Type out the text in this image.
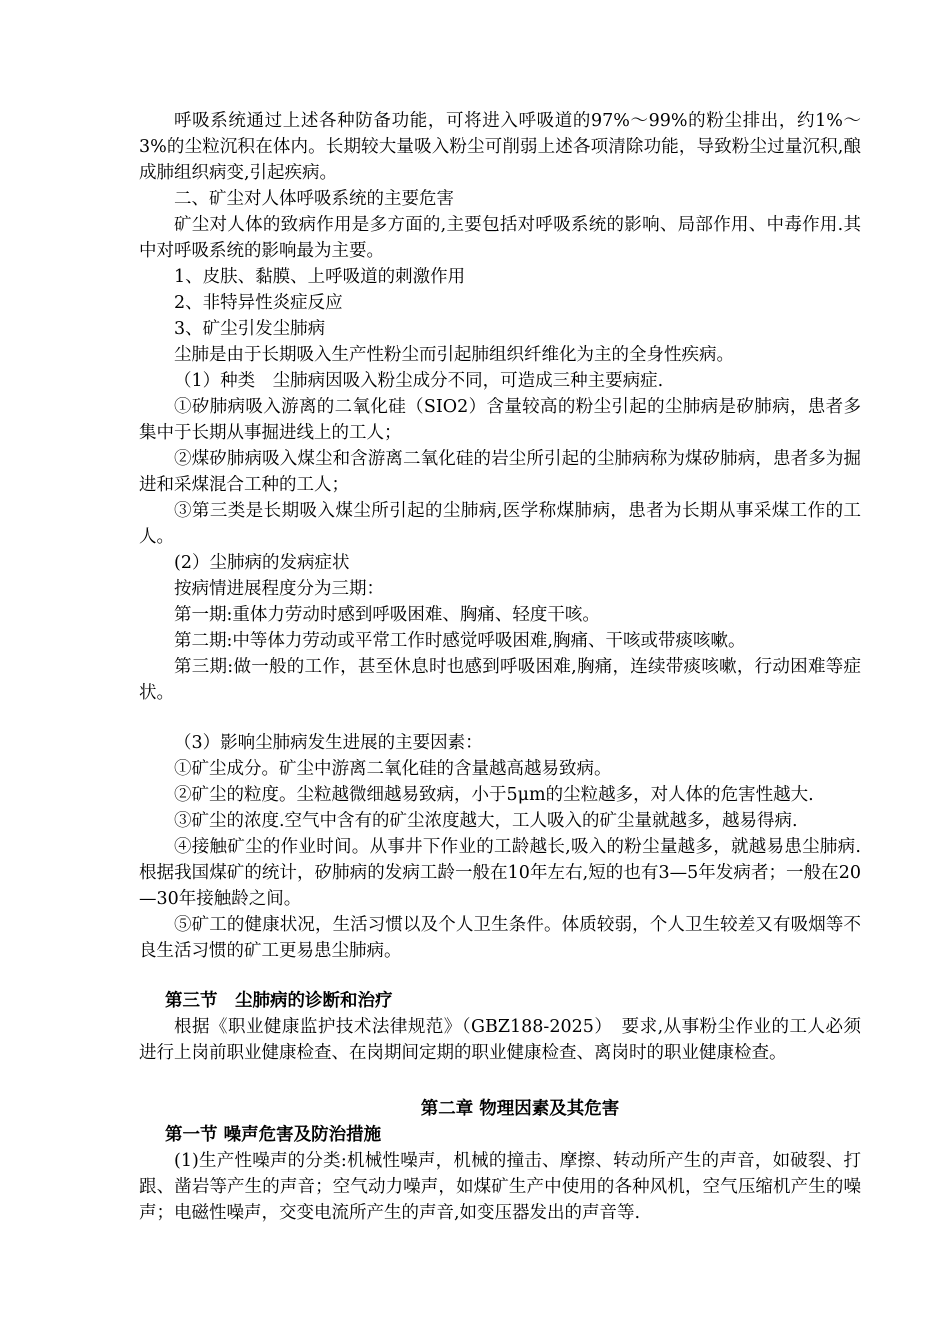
呼吸系统通过上述各种防备功能，可将进入呼吸道的97%～99%的粉尘排出，约1%～3%的尘粒沉积在体内。长期较大量吸入粉尘可削弱上述各项清除功能，导致粉尘过量沉积,酿成肺组织病变,引起疾病。

二、矿尘对人体呼吸系统的主要危害

矿尘对人体的致病作用是多方面的,主要包括对呼吸系统的影响、局部作用、中毒作用.其中对呼吸系统的影响最为主要。

1、皮肤、黏膜、上呼吸道的刺激作用

2、非特异性炎症反应

3、矿尘引发尘肺病

尘肺是由于长期吸入生产性粉尘而引起肺组织纤维化为主的全身性疾病。

（1）种类　尘肺病因吸入粉尘成分不同，可造成三种主要病症.

①矽肺病吸入游离的二氧化硅（SIO2）含量较高的粉尘引起的尘肺病是矽肺病，患者多集中于长期从事掘进线上的工人；

②煤矽肺病吸入煤尘和含游离二氧化硅的岩尘所引起的尘肺病称为煤矽肺病，患者多为掘进和采煤混合工种的工人；

③第三类是长期吸入煤尘所引起的尘肺病,医学称煤肺病，患者为长期从事采煤工作的工人。

(2）尘肺病的发病症状

按病情进展程度分为三期：

第一期:重体力劳动时感到呼吸困难、胸痛、轻度干咳。

第二期:中等体力劳动或平常工作时感觉呼吸困难,胸痛、干咳或带痰咳嗽。

第三期:做一般的工作，甚至休息时也感到呼吸困难,胸痛，连续带痰咳嗽，行动困难等症状。

（3）影响尘肺病发生进展的主要因素：

①矿尘成分。矿尘中游离二氧化硅的含量越高越易致病。

②矿尘的粒度。尘粒越微细越易致病，小于5μm的尘粒越多，对人体的危害性越大.

③矿尘的浓度.空气中含有的矿尘浓度越大，工人吸入的矿尘量就越多，越易得病.

④接触矿尘的作业时间。从事井下作业的工龄越长,吸入的粉尘量越多，就越易患尘肺病.根据我国煤矿的统计，矽肺病的发病工龄一般在10年左右,短的也有3—5年发病者；一般在20—30年接触龄之间。

⑤矿工的健康状况，生活习惯以及个人卫生条件。体质较弱，个人卫生较差又有吸烟等不良生活习惯的矿工更易患尘肺病。

第三节　尘肺病的诊断和治疗

根据《职业健康监护技术法律规范》（GBZ188-2025）　要求,从事粉尘作业的工人必须进行上岗前职业健康检查、在岗期间定期的职业健康检查、离岗时的职业健康检查。

第二章 物理因素及其危害

第一节 噪声危害及防治措施

(1)生产性噪声的分类:机械性噪声，机械的撞击、摩擦、转动所产生的声音，如破裂、打跟、凿岩等产生的声音；空气动力噪声，如煤矿生产中使用的各种风机，空气压缩机产生的噪声；电磁性噪声，交变电流所产生的声音,如变压器发出的声音等.
